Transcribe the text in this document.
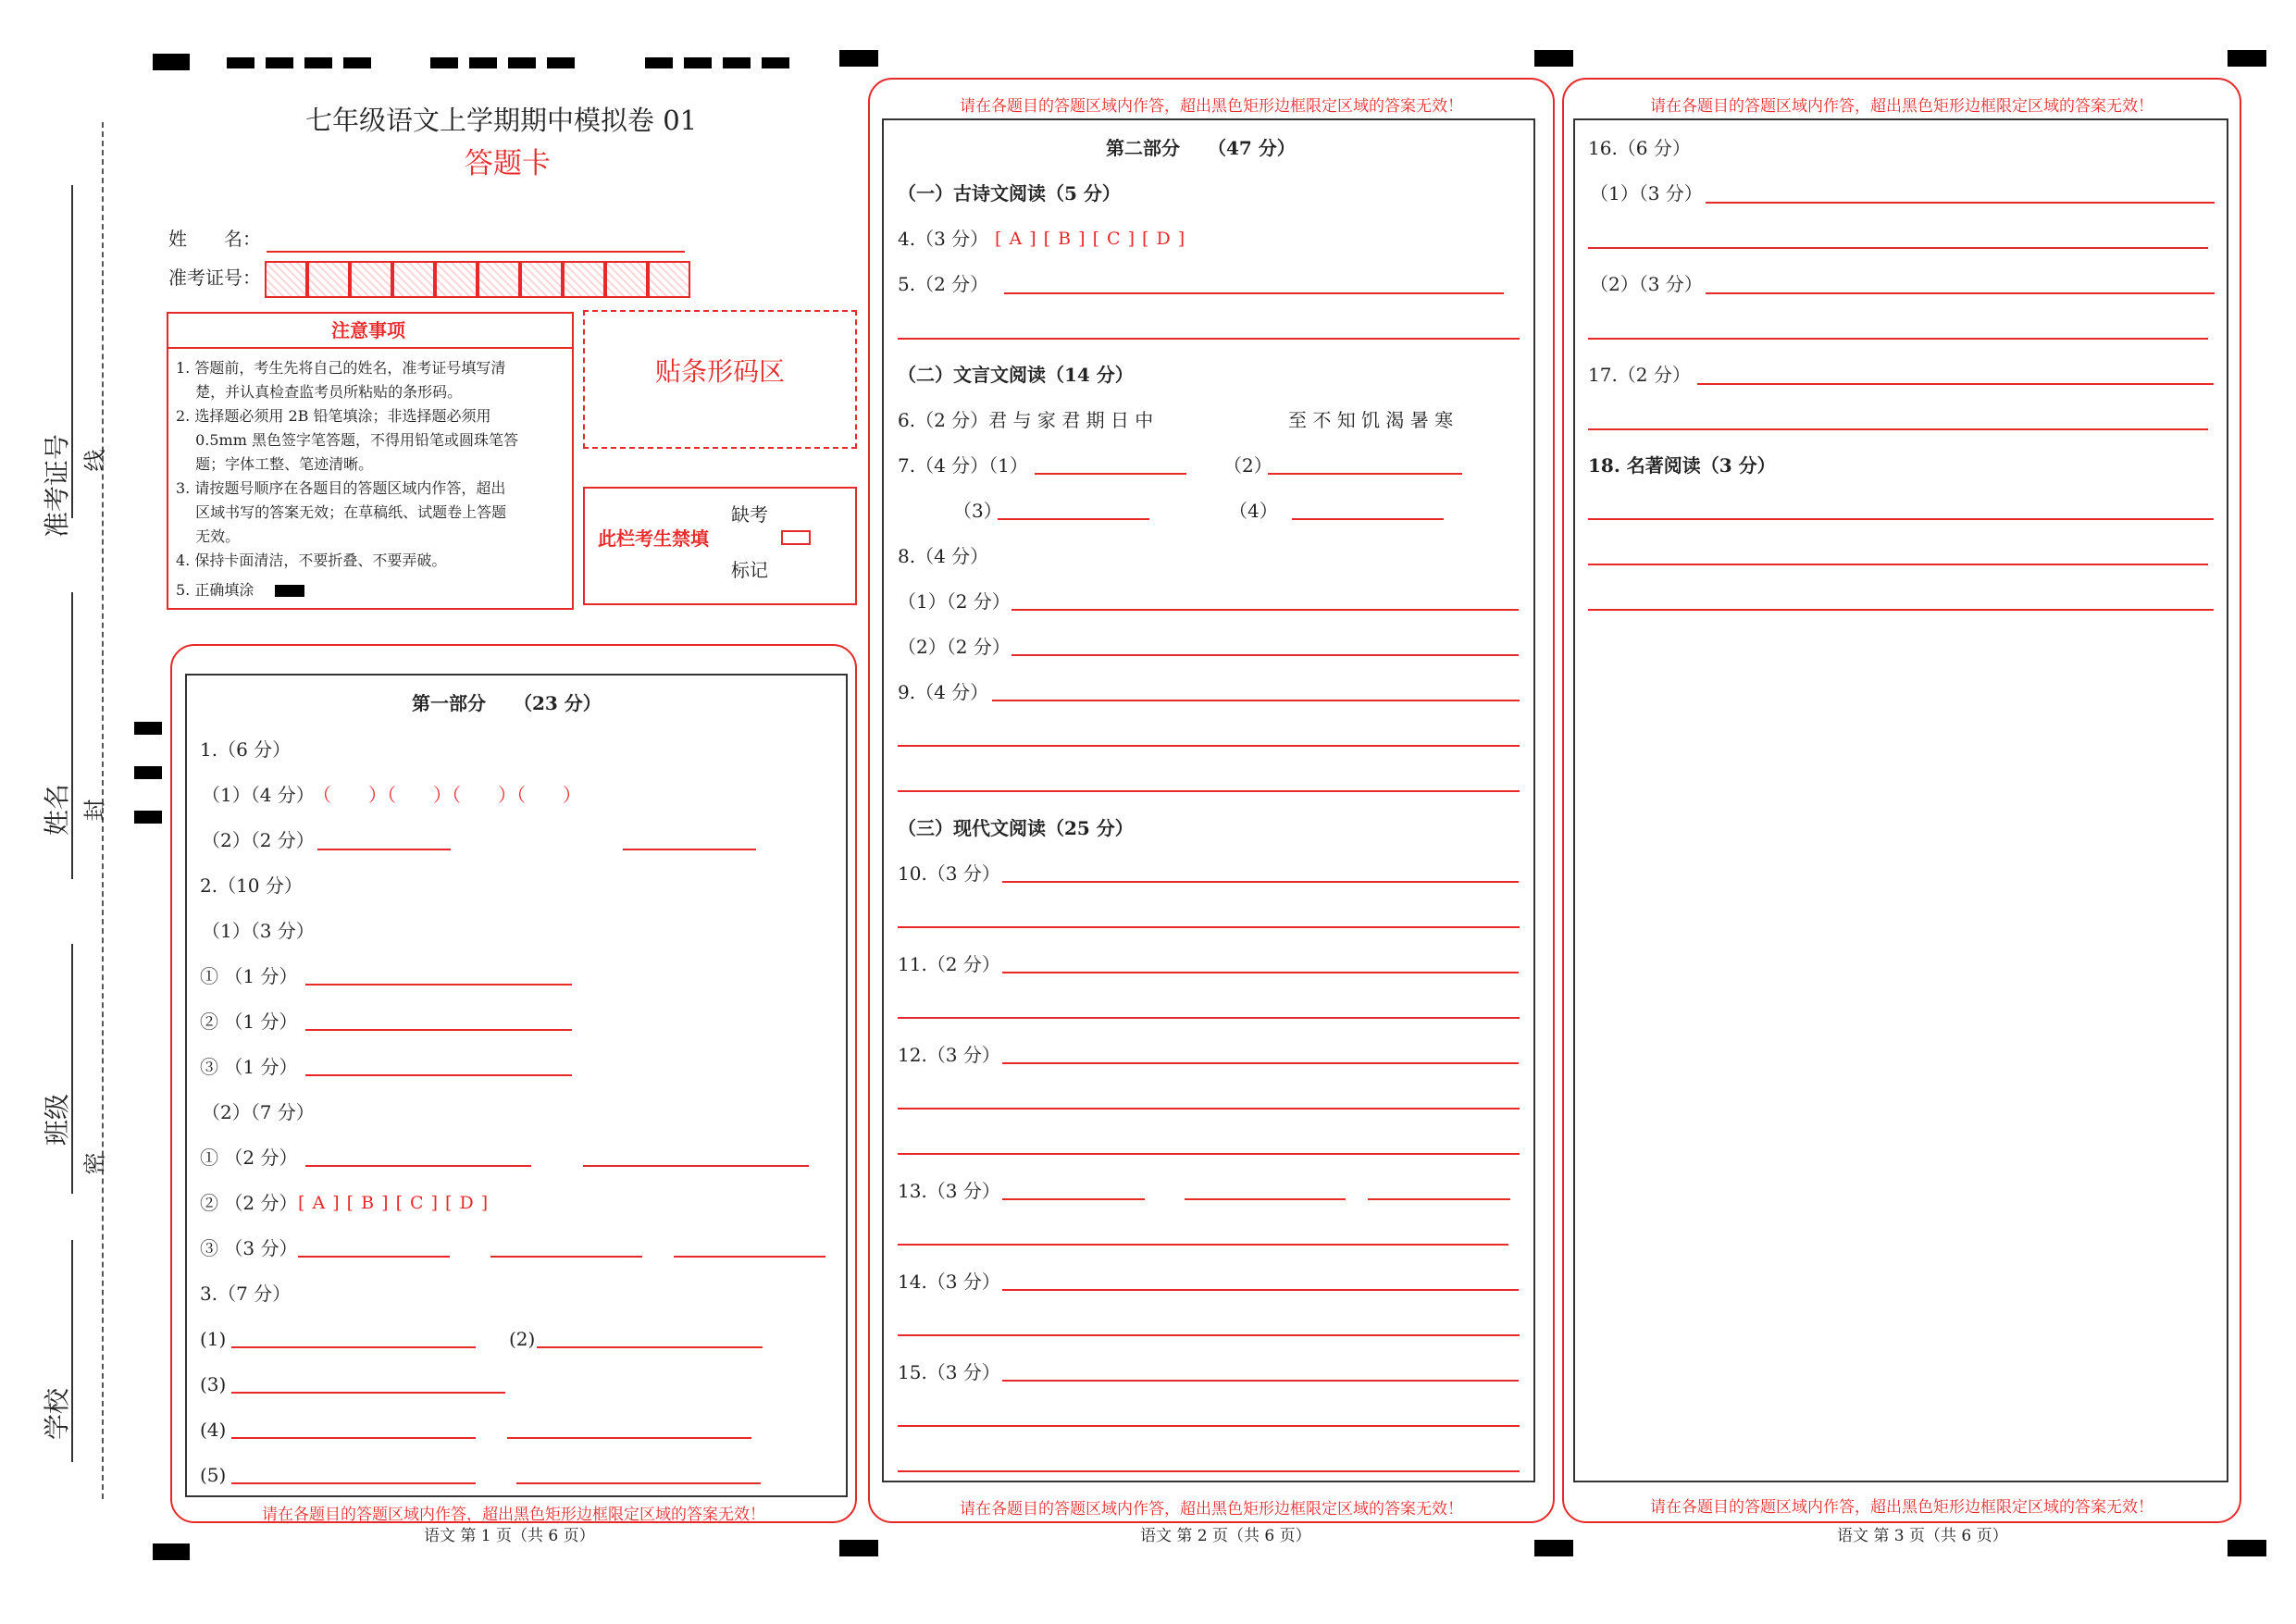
准考证号 线
姓名 封
班级
密
学校
七年级语文上学期期中模拟卷 01
答题卡
姓　　名：
准考证号：
注意事项
1. 答题前，考生先将自己的姓名，准考证号填写清
　 楚，并认真检查监考员所粘贴的条形码。
2. 选择题必须用 2B 铅笔填涂；非选择题必须用
　 0.5mm 黑色签字笔答题，不得用铅笔或圆珠笔答
　 题；字体工整、笔迹清晰。
3. 请按题号顺序在各题目的答题区域内作答，超出
　 区域书写的答案无效；在草稿纸、试题卷上答题
　 无效。
4. 保持卡面清洁，不要折叠、不要弄破。
5. 正确填涂
贴条形码区
此栏考生禁填
缺考
标记
第一部分　　（23 分）
1.（6 分）
（1）（4 分）
（　　）（　　）（　　）（　　）
（2）（2 分）
2.（10 分）
（1）（3 分）
① （1 分）
② （1 分）
③ （1 分）
（2）（7 分）
① （2 分）
② （2 分） [ A ] [ B ] [ C ] [ D ]
③ （3 分）
3.（7 分）
(1)	(2)
(3)
(4)
(5)
请在各题目的答题区域内作答，超出黑色矩形边框限定区域的答案无效！
语文 第 1 页（共 6 页）
请在各题目的答题区域内作答，超出黑色矩形边框限定区域的答案无效！
第二部分　　（47 分）
（一）古诗文阅读（5 分）
4.（3 分） [ A ] [ B ] [ C ] [ D ]
5.（2 分）
（二）文言文阅读（14 分）
6.（2 分）君 与 家 君 期 日 中	至 不 知 饥 渴 暑 寒
7.（4 分）（1）	（2）
（3）	（4）
8.（4 分）
（1）（2 分）
（2）（2 分）
9.（4 分）
（三）现代文阅读（25 分）
10.（3 分）
11.（2 分）
12.（3 分）
13.（3 分）
14.（3 分）
15.（3 分）
请在各题目的答题区域内作答，超出黑色矩形边框限定区域的答案无效！
语文 第 2 页（共 6 页）
请在各题目的答题区域内作答，超出黑色矩形边框限定区域的答案无效！
16.（6 分）
（1）（3 分）
（2）（3 分）
17.（2 分）
18. 名著阅读（3 分）
请在各题目的答题区域内作答，超出黑色矩形边框限定区域的答案无效！
语文 第 3 页（共 6 页）
